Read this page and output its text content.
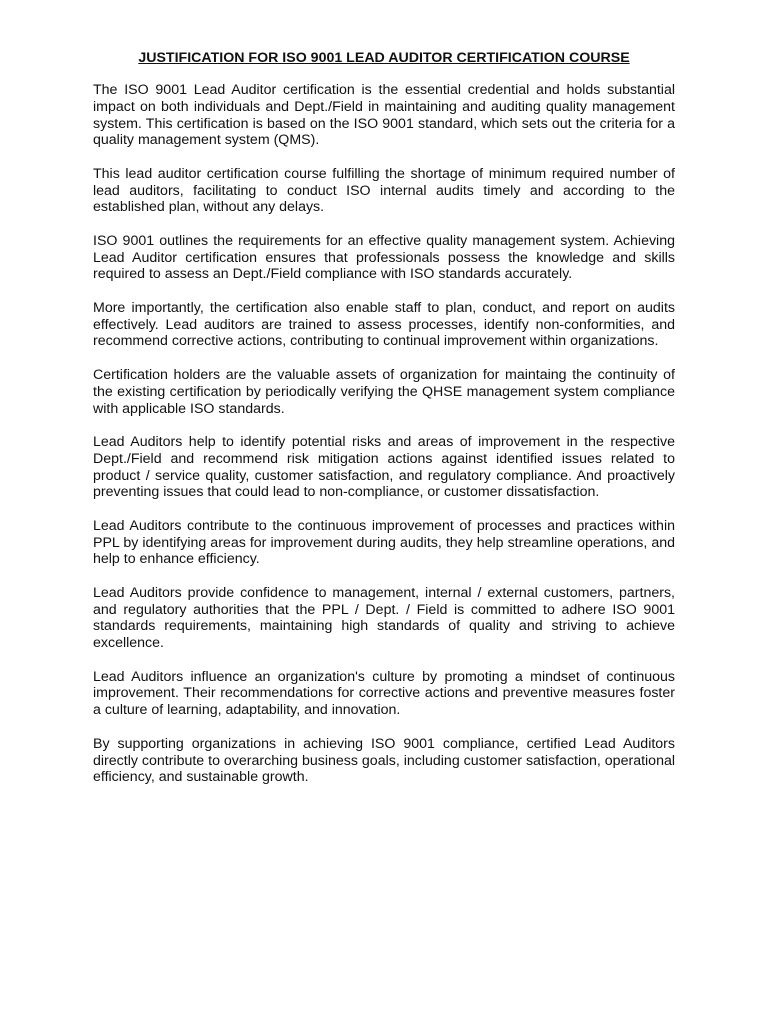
JUSTIFICATION FOR ISO 9001 LEAD AUDITOR CERTIFICATION COURSE

The ISO 9001 Lead Auditor certification is the essential credential and holds substantial impact on both individuals and Dept./Field in maintaining and auditing quality management system. This certification is based on the ISO 9001 standard, which sets out the criteria for a quality management system (QMS).

This lead auditor certification course fulfilling the shortage of minimum required number of lead auditors, facilitating to conduct ISO internal audits timely and according to the established plan, without any delays.

ISO 9001 outlines the requirements for an effective quality management system. Achieving Lead Auditor certification ensures that professionals possess the knowledge and skills required to assess an Dept./Field compliance with ISO standards accurately.

More importantly, the certification also enable staff to plan, conduct, and report on audits effectively. Lead auditors are trained to assess processes, identify non-conformities, and recommend corrective actions, contributing to continual improvement within organizations.

Certification holders are the valuable assets of organization for maintaing the continuity of the existing certification by periodically verifying the QHSE management system compliance with applicable ISO standards.

Lead Auditors help to identify potential risks and areas of improvement in the respective Dept./Field and recommend risk mitigation actions against identified issues related to product / service quality, customer satisfaction, and regulatory compliance. And proactively preventing issues that could lead to non-compliance, or customer dissatisfaction.

Lead Auditors contribute to the continuous improvement of processes and practices within PPL by identifying areas for improvement during audits, they help streamline operations, and help to enhance efficiency.

Lead Auditors provide confidence to management, internal / external customers, partners, and regulatory authorities that the PPL / Dept. / Field is committed to adhere ISO 9001 standards requirements, maintaining high standards of quality and striving to achieve excellence.

Lead Auditors influence an organization's culture by promoting a mindset of continuous improvement. Their recommendations for corrective actions and preventive measures foster a culture of learning, adaptability, and innovation.

By supporting organizations in achieving ISO 9001 compliance, certified Lead Auditors directly contribute to overarching business goals, including customer satisfaction, operational efficiency, and sustainable growth.
